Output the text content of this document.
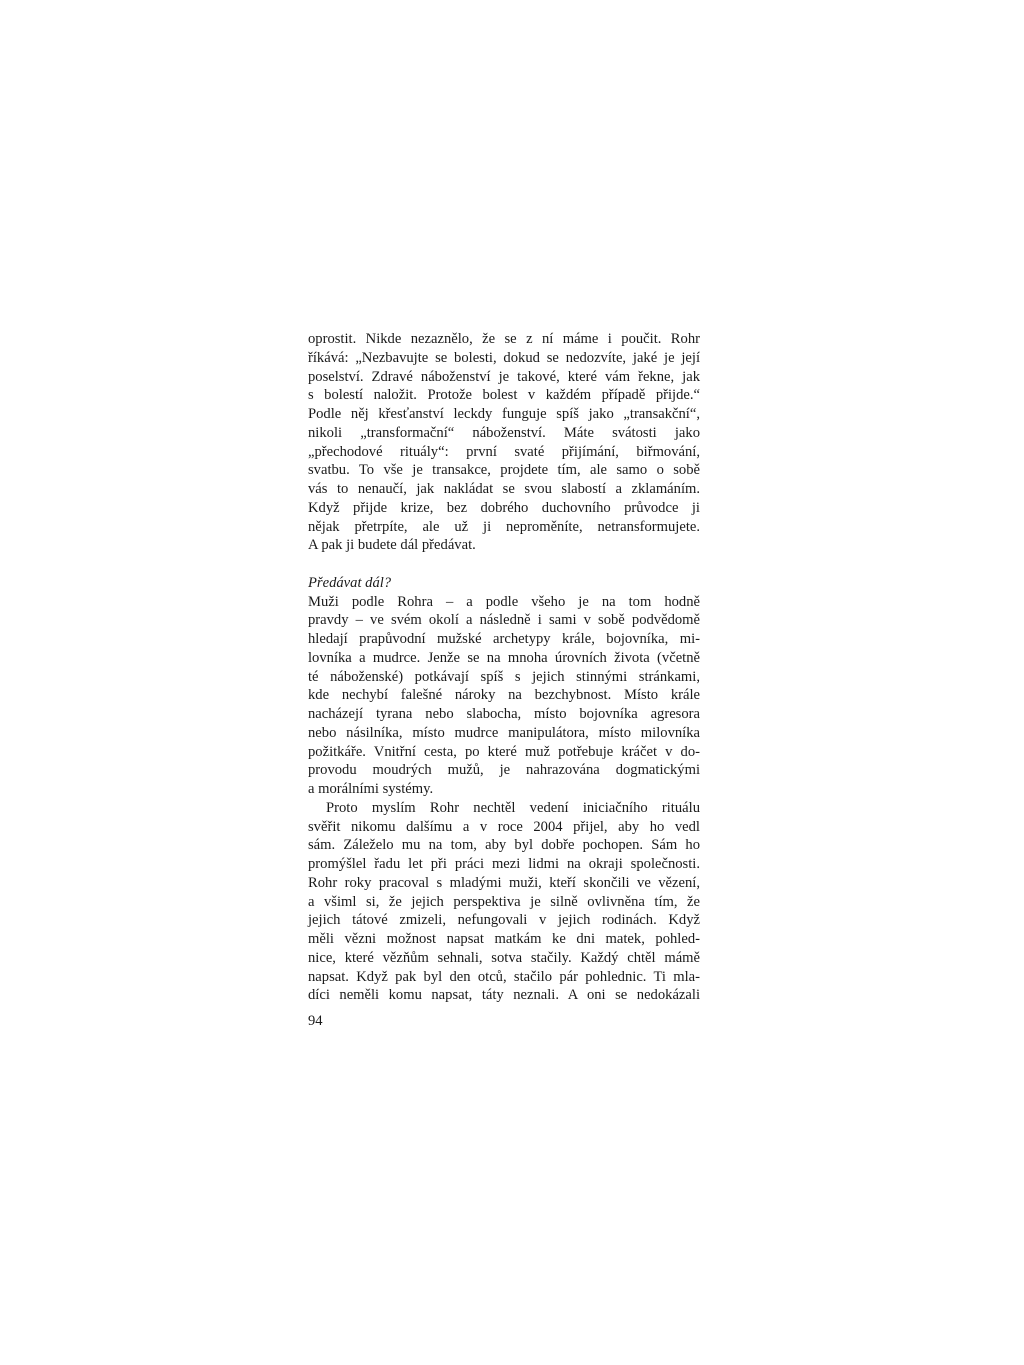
oprostit. Nikde nezaznělo, že se z ní máme i poučit. Rohr
říkává: „Nezbavujte se bolesti, dokud se nedozvíte, jaké je její
poselství. Zdravé náboženství je takové, které vám řekne, jak
s bolestí naložit. Protože bolest v každém případě přijde.“
Podle něj křesťanství leckdy funguje spíš jako „transakční“,
nikoli „transformační“ náboženství. Máte svátosti jako
„přechodové rituály“: první svaté přijímání, biřmování,
svatbu. To vše je transakce, projdete tím, ale samo o sobě
vás to nenaučí, jak nakládat se svou slabostí a zklamáním.
Když přijde krize, bez dobrého duchovního průvodce ji
nějak přetrpíte, ale už ji neproměníte, netransformujete.
A pak ji budete dál předávat.
Předávat dál?
Muži podle Rohra – a podle všeho je na tom hodně
pravdy – ve svém okolí a následně i sami v sobě podvědomě
hledají prapůvodní mužské archetypy krále, bojovníka, mi-
lovníka a mudrce. Jenže se na mnoha úrovních života (včetně
té náboženské) potkávají spíš s jejich stinnými stránkami,
kde nechybí falešné nároky na bezchybnost. Místo krále
nacházejí tyrana nebo slabocha, místo bojovníka agresora
nebo násilníka, místo mudrce manipulátora, místo milovníka
požitkáře. Vnitřní cesta, po které muž potřebuje kráčet v do-
provodu moudrých mužů, je nahrazována dogmatickými
a morálními systémy.
Proto myslím Rohr nechtěl vedení iniciačního rituálu
svěřit nikomu dalšímu a v roce 2004 přijel, aby ho vedl
sám. Záleželo mu na tom, aby byl dobře pochopen. Sám ho
promýšlel řadu let při práci mezi lidmi na okraji společnosti.
Rohr roky pracoval s mladými muži, kteří skončili ve vězení,
a všiml si, že jejich perspektiva je silně ovlivněna tím, že
jejich tátové zmizeli, nefungovali v jejich rodinách. Když
měli vězni možnost napsat matkám ke dni matek, pohled-
nice, které vězňům sehnali, sotva stačily. Každý chtěl mámě
napsat. Když pak byl den otců, stačilo pár pohlednic. Ti mla-
díci neměli komu napsat, táty neznali. A oni se nedokázali
94
